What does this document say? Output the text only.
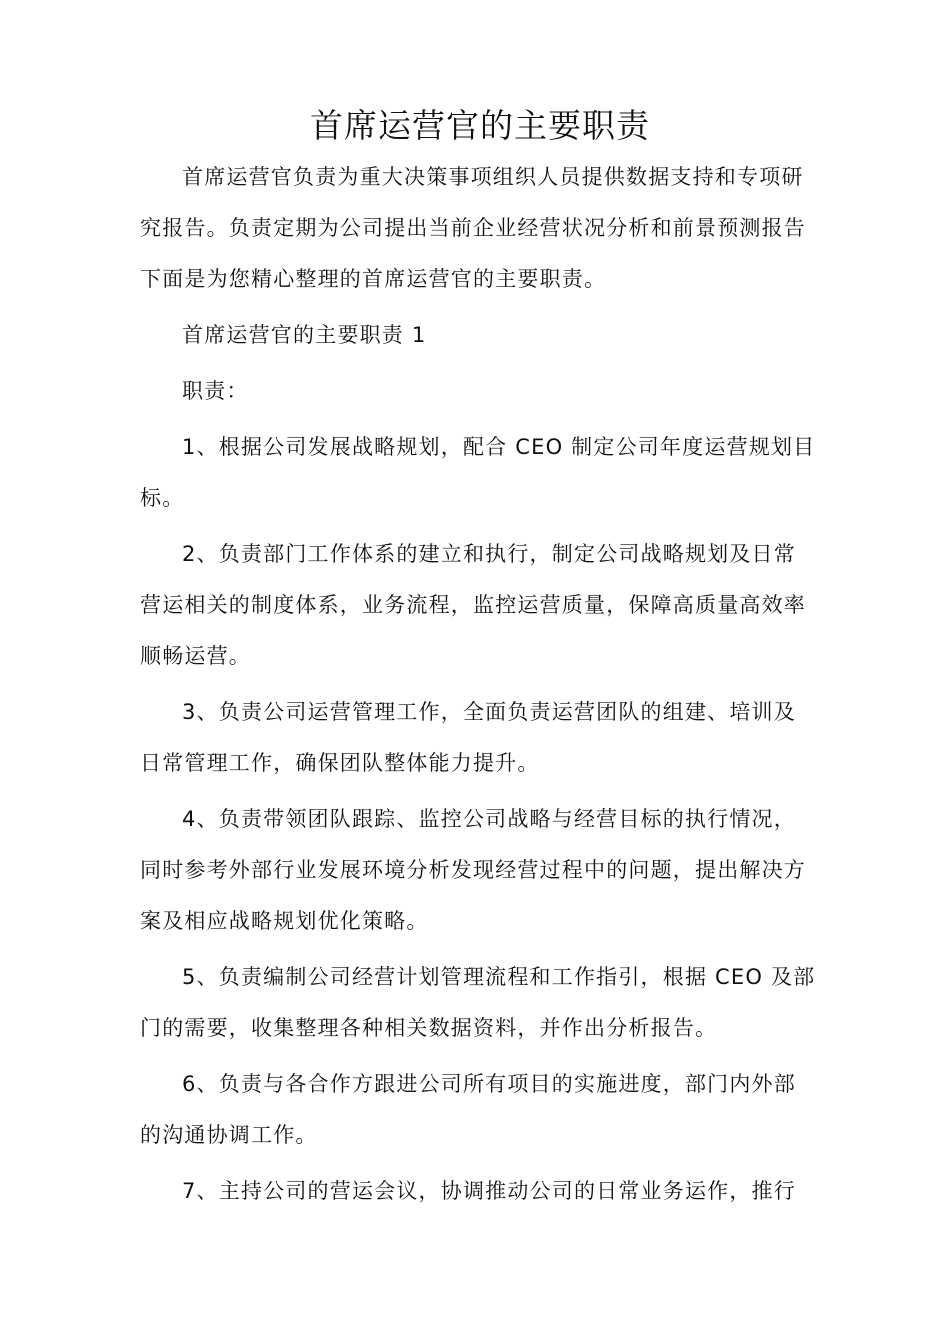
首席运营官的主要职责

首席运营官负责为重大决策事项组织人员提供数据支持和专项研
究报告。负责定期为公司提出当前企业经营状况分析和前景预测报告
下面是为您精心整理的首席运营官的主要职责。

首席运营官的主要职责 1

职责：

1、根据公司发展战略规划，配合 CEO 制定公司年度运营规划目
标。

2、负责部门工作体系的建立和执行，制定公司战略规划及日常
营运相关的制度体系，业务流程，监控运营质量，保障高质量高效率
顺畅运营。

3、负责公司运营管理工作，全面负责运营团队的组建、培训及
日常管理工作，确保团队整体能力提升。

4、负责带领团队跟踪、监控公司战略与经营目标的执行情况，
同时参考外部行业发展环境分析发现经营过程中的问题，提出解决方
案及相应战略规划优化策略。

5、负责编制公司经营计划管理流程和工作指引，根据 CEO 及部
门的需要，收集整理各种相关数据资料，并作出分析报告。

6、负责与各合作方跟进公司所有项目的实施进度，部门内外部
的沟通协调工作。

7、主持公司的营运会议，协调推动公司的日常业务运作，推行
